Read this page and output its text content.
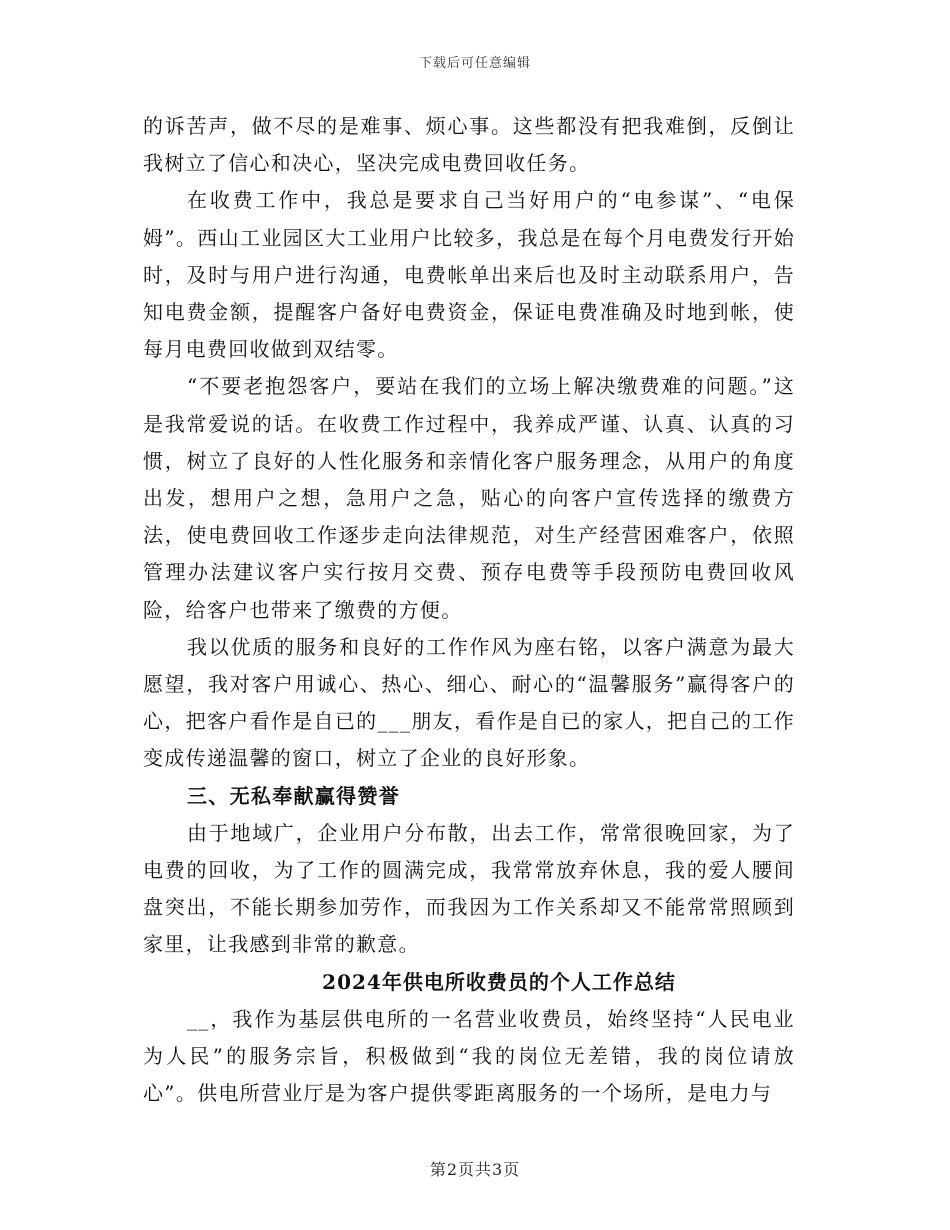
下载后可任意编辑

的诉苦声，做不尽的是难事、烦心事。这些都没有把我难倒，反倒让我树立了信心和决心，坚决完成电费回收任务。

在收费工作中，我总是要求自己当好用户的“电参谋”、“电保姆”。西山工业园区大工业用户比较多，我总是在每个月电费发行开始时，及时与用户进行沟通，电费帐单出来后也及时主动联系用户，告知电费金额，提醒客户备好电费资金，保证电费准确及时地到帐，使每月电费回收做到双结零。

“不要老抱怨客户，要站在我们的立场上解决缴费难的问题。”这是我常爱说的话。在收费工作过程中，我养成严谨、认真、认真的习惯，树立了良好的人性化服务和亲情化客户服务理念，从用户的角度出发，想用户之想，急用户之急，贴心的向客户宣传选择的缴费方法，使电费回收工作逐步走向法律规范，对生产经营困难客户，依照管理办法建议客户实行按月交费、预存电费等手段预防电费回收风险，给客户也带来了缴费的方便。

我以优质的服务和良好的工作作风为座右铭，以客户满意为最大愿望，我对客户用诚心、热心、细心、耐心的“温馨服务”赢得客户的心，把客户看作是自已的___朋友，看作是自已的家人，把自己的工作变成传递温馨的窗口，树立了企业的良好形象。

三、无私奉献赢得赞誉

由于地域广，企业用户分布散，出去工作，常常很晚回家，为了电费的回收，为了工作的圆满完成，我常常放弃休息，我的爱人腰间盘突出，不能长期参加劳作，而我因为工作关系却又不能常常照顾到家里，让我感到非常的歉意。

2024年供电所收费员的个人工作总结

__，我作为基层供电所的一名营业收费员，始终坚持“人民电业为人民”的服务宗旨，积极做到“我的岗位无差错，我的岗位请放心”。供电所营业厅是为客户提供零距离服务的一个场所，是电力与

第2页共3页
